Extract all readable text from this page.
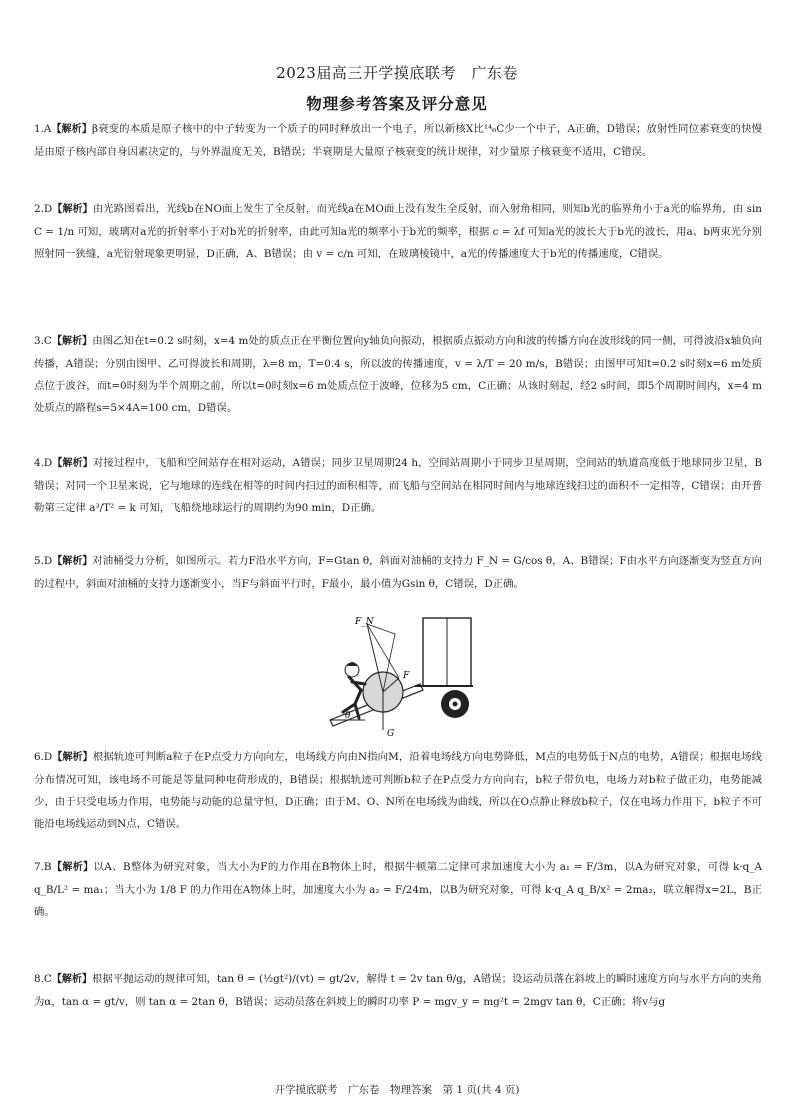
2023届高三开学摸底联考　广东卷
物理参考答案及评分意见

1.A【解析】β衰变的本质是原子核中的中子转变为一个质子的同时释放出一个电子，所以新核X比¹⁴₆C少一个中子，A正确，D错误；放射性同位素衰变的快慢是由原子核内部自身因素决定的，与外界温度无关，B错误；半衰期是大量原子核衰变的统计规律，对少量原子核衰变不适用，C错误。

2.D【解析】由光路图看出，光线b在NO面上发生了全反射，而光线a在MO面上没有发生全反射，而入射角相同，则知b光的临界角小于a光的临界角，由 sin C = 1/n 可知，玻璃对a光的折射率小于对b光的折射率，由此可知a光的频率小于b光的频率，根据 c = λf 可知a光的波长大于b光的波长，用a、b两束光分别照射同一狭缝，a光衍射现象更明显，D正确，A、B错误；由 v = c/n 可知，在玻璃棱镜中，a光的传播速度大于b光的传播速度，C错误。

3.C【解析】由图乙知在t=0.2 s时刻，x=4 m处的质点正在平衡位置向y轴负向振动，根据质点振动方向和波的传播方向在波形线的同一侧，可得波沿x轴负向传播，A错误；分别由图甲、乙可得波长和周期，λ=8 m，T=0.4 s，所以波的传播速度，v = λ/T = 20 m/s，B错误；由图甲可知t=0.2 s时刻x=6 m处质点位于波谷，而t=0时刻为半个周期之前，所以t=0时刻x=6 m处质点位于波峰，位移为5 cm，C正确；从该时刻起，经2 s时间，即5个周期时间内，x=4 m处质点的路程s=5×4A=100 cm，D错误。

4.D【解析】对接过程中，飞船和空间站存在相对运动，A错误；同步卫星周期24 h，空间站周期小于同步卫星周期，空间站的轨道高度低于地球同步卫星，B错误；对同一个卫星来说，它与地球的连线在相等的时间内扫过的面积相等，而飞船与空间站在相同时间内与地球连线扫过的面积不一定相等，C错误；由开普勒第三定律 a³/T² = k 可知，飞船绕地球运行的周期约为90 min，D正确。

5.D【解析】对油桶受力分析，如图所示。若力F沿水平方向，F=Gtan θ，斜面对油桶的支持力 F_N = G/cos θ，A、B错误；F由水平方向逐渐变为竖直方向的过程中，斜面对油桶的支持力逐渐变小，当F与斜面平行时，F最小，最小值为Gsin θ，C错误，D正确。

F_N
F
G
θ

6.D【解析】根据轨迹可判断a粒子在P点受力方向向左，电场线方向由N指向M，沿着电场线方向电势降低，M点的电势低于N点的电势，A错误；根据电场线分布情况可知，该电场不可能是等量同种电荷形成的，B错误；根据轨迹可判断b粒子在P点受力方向向右，b粒子带负电，电场力对b粒子做正功，电势能减少，由于只受电场力作用，电势能与动能的总量守恒，D正确；由于M、O、N所在电场线为曲线，所以在O点静止释放b粒子，仅在电场力作用下，b粒子不可能沿电场线运动到N点，C错误。

7.B【解析】以A、B整体为研究对象，当大小为F的力作用在B物体上时，根据牛顿第二定律可求加速度大小为 a₁ = F/3m，以A为研究对象，可得 k·q_A q_B/L² = ma₁；当大小为 1/8 F 的力作用在A物体上时，加速度大小为 a₂ = F/24m，以B为研究对象，可得 k·q_A q_B/x² = 2ma₂，联立解得x=2L，B正确。

8.C【解析】根据平抛运动的规律可知，tan θ = (½gt²)/(vt) = gt/2v，解得 t = 2v tan θ/g，A错误；设运动员落在斜坡上的瞬时速度方向与水平方向的夹角为α，tan α = gt/v，则 tan α = 2tan θ，B错误；运动员落在斜坡上的瞬时功率 P = mgv_y = mg²t = 2mgv tan θ，C正确；将v与g

开学摸底联考　广东卷　物理答案　第 1 页(共 4 页)
